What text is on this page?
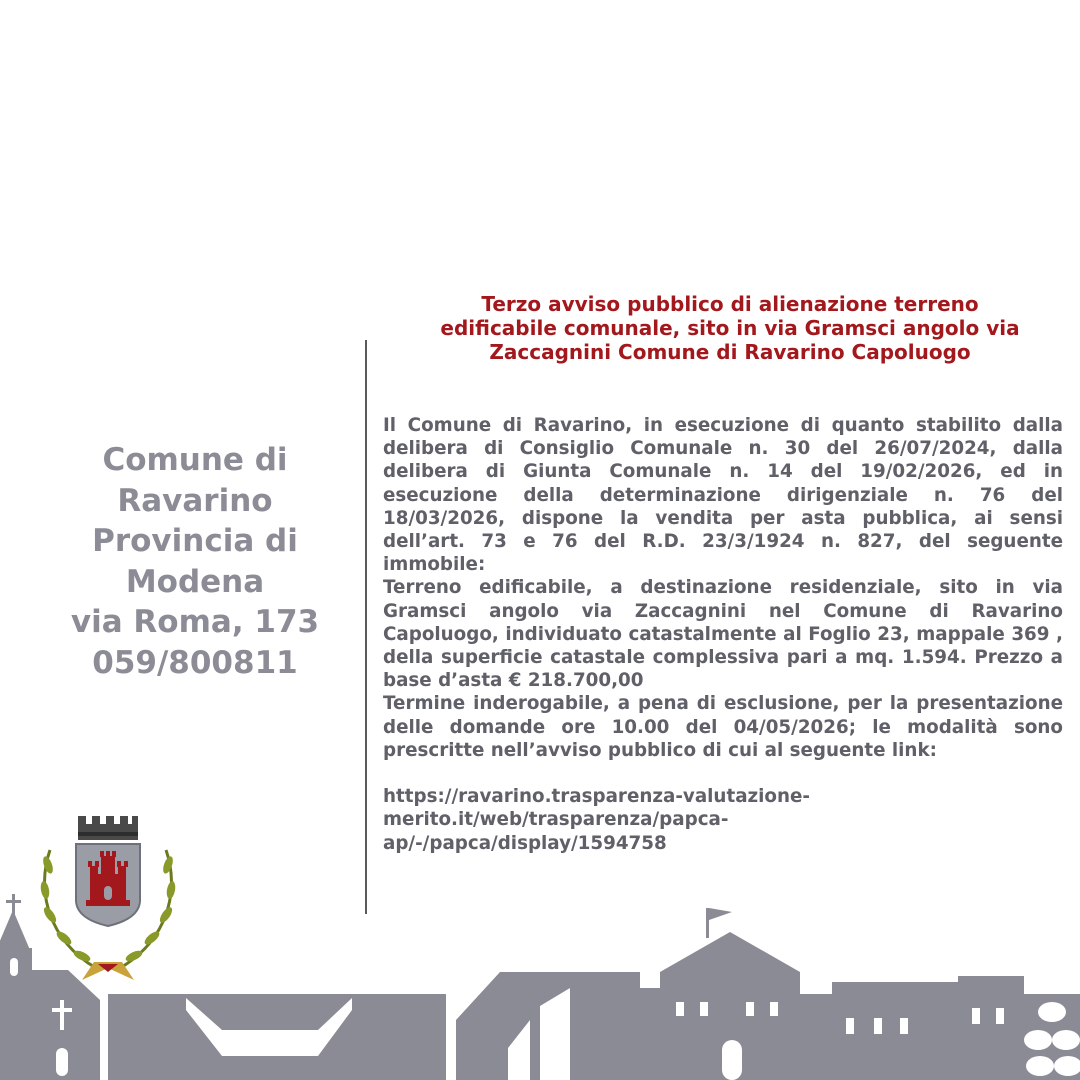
Terzo avviso pubblico di alienazione terreno
edificabile comunale, sito in via Gramsci angolo via
Zaccagnini Comune di Ravarino Capoluogo
Comune di
Ravarino
Provincia di
Modena
via Roma, 173
059/800811

Il Comune di Ravarino, in esecuzione di quanto stabilito dalla delibera di Consiglio Comunale n. 30 del 26/07/2024, dalla delibera di Giunta Comunale n. 14 del 19/02/2026, ed in esecuzione della determinazione dirigenziale n. 76 del 18/03/2026, dispone la vendita per asta pubblica, ai sensi dell’art. 73 e 76 del R.D. 23/3/1924 n. 827, del seguente immobile:

Terreno edificabile, a destinazione residenziale, sito in via Gramsci angolo via Zaccagnini nel Comune di Ravarino Capoluogo, individuato catastalmente al Foglio 23, mappale 369 , della superficie catastale complessiva pari a mq. 1.594. Prezzo a base d’asta € 218.700,00

Termine inderogabile, a pena di esclusione, per la presentazione delle domande ore 10.00 del 04/05/2026; le modalità sono prescritte nell’avviso pubblico di cui al seguente link:

https://ravarino.trasparenza-valutazione-
merito.it/web/trasparenza/papca-
ap/-/papca/display/1594758
